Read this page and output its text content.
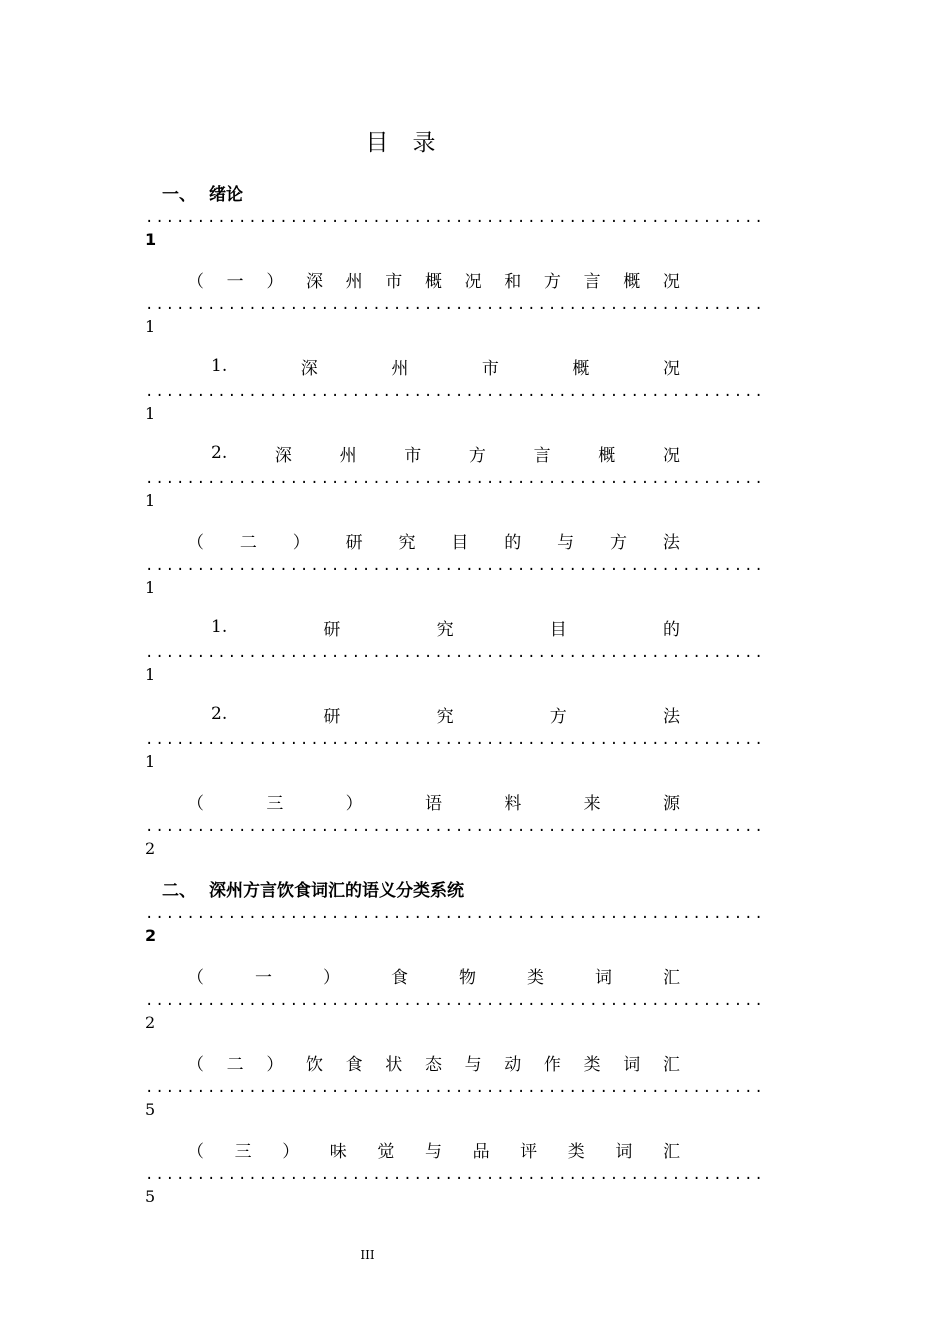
目录
一、 绪论
............................................................
1
（ 一 ） 深 州 市 概 况 和 方 言 概 况
............................................................
1
1.	深	州	市	概	况
............................................................
1
2.	深	州	市	方	言	概	况
............................................................
1
（ 二 ） 研 究 目 的 与 方 法
............................................................
1
1.	研	究	目	的
............................................................
1
2.	研	究	方	法
............................................................
1
（	三	）	语	料	来	源
............................................................
2
二、 深州方言饮食词汇的语义分类系统
............................................................
2
（	一	）	食	物	类	词	汇
............................................................
2
（ 二 ） 饮 食 状 态 与 动 作 类 词 汇
............................................................
5
（ 三 ） 味 觉 与 品 评 类 词 汇
............................................................
5
III
